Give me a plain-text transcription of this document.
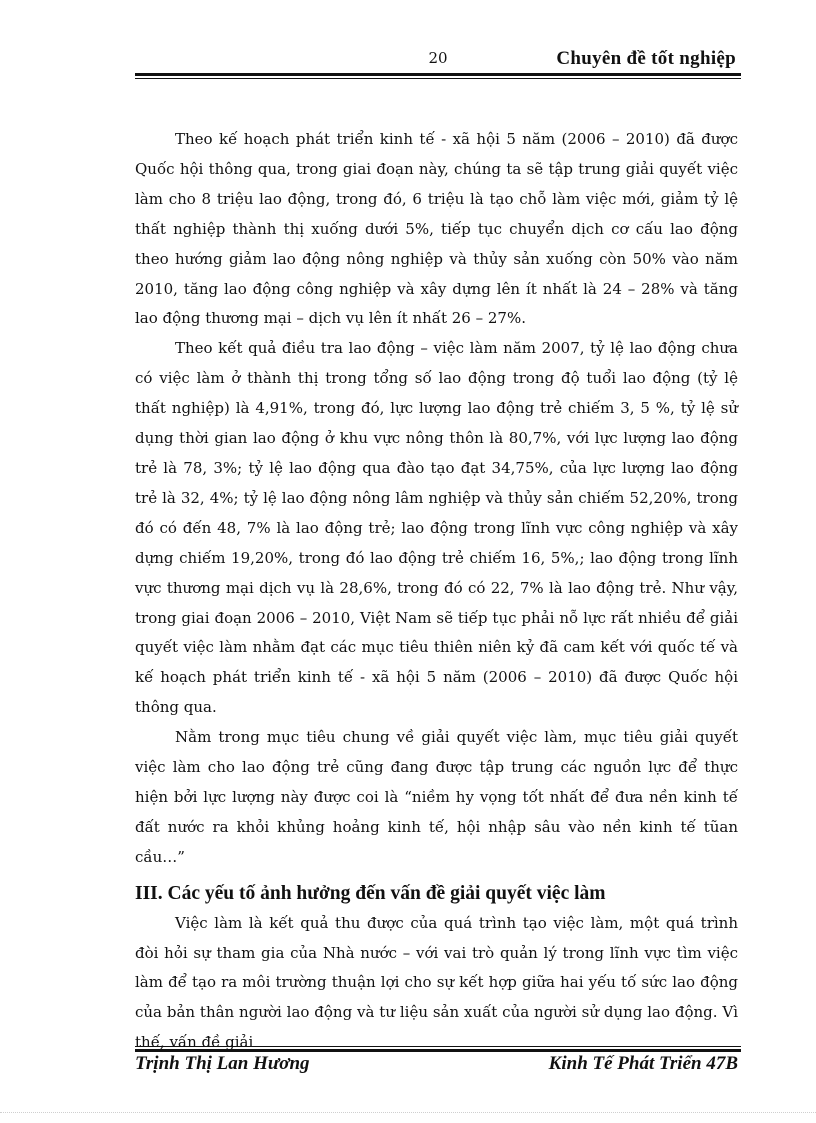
20	Chuyên đề tốt nghiệp

Theo kế hoạch phát triển kinh tế - xã hội 5 năm (2006 – 2010) đã được Quốc hội thông qua, trong giai đoạn này, chúng ta sẽ tập trung giải quyết việc làm cho 8 triệu lao động, trong đó, 6 triệu là tạo chỗ làm việc mới, giảm tỷ lệ thất nghiệp thành thị xuống dưới 5%, tiếp tục chuyển dịch cơ cấu lao động theo hướng giảm lao động nông nghiệp và thủy sản xuống còn 50% vào năm 2010, tăng lao động công nghiệp và xây dựng lên ít nhất là 24 – 28% và tăng lao động thương mại – dịch vụ lên ít nhất 26 – 27%.

Theo kết quả điều tra lao động – việc làm năm 2007, tỷ lệ lao động chưa có việc làm ở thành thị trong tổng số lao động trong độ tuổi lao động (tỷ lệ thất nghiệp) là 4,91%, trong đó, lực lượng lao động trẻ chiếm 3, 5 %, tỷ lệ sử dụng thời gian lao động ở khu vực nông thôn là 80,7%, với lực lượng lao động trẻ là 78, 3%; tỷ lệ lao động qua đào tạo đạt 34,75%, của lực lượng lao động trẻ là 32, 4%; tỷ lệ lao động nông lâm nghiệp và thủy sản chiếm 52,20%, trong đó có đến 48, 7% là lao động trẻ; lao động trong lĩnh vực công nghiệp và xây dựng chiếm 19,20%, trong đó lao động trẻ chiếm 16, 5%,; lao động trong lĩnh vực thương mại dịch vụ là 28,6%, trong đó có 22, 7% là lao động trẻ. Như vậy, trong giai đoạn 2006 – 2010, Việt Nam sẽ tiếp tục phải nỗ lực rất nhiều để giải quyết việc làm nhằm đạt các mục tiêu thiên niên kỷ đã cam kết với quốc tế và kế hoạch phát triển kinh tế - xã hội 5 năm (2006 – 2010) đã được Quốc hội thông qua.

Nằm trong mục tiêu chung về giải quyết việc làm, mục tiêu giải quyết việc làm cho lao động trẻ cũng đang được tập trung các nguồn lực để thực hiện bởi lực lượng này được coi là “niềm hy vọng tốt nhất để đưa nền kinh tế đất nước ra khỏi khủng hoảng kinh tế, hội nhập sâu vào nền kinh tế tũan cầu…”

III. Các yếu tố ảnh hưởng đến vấn đề giải quyết việc làm

Việc làm là kết quả thu được của quá trình tạo việc làm, một quá trình đòi hỏi sự tham gia của Nhà nước – với vai trò quản lý trong lĩnh vực tìm việc làm để tạo ra môi trường thuận lợi cho sự kết hợp giữa hai yếu tố sức lao động của bản thân người lao động và tư liệu sản xuất của người sử dụng lao động. Vì thế, vấn đề giải

Trịnh Thị Lan Hương	Kinh Tế Phát Triển 47B
